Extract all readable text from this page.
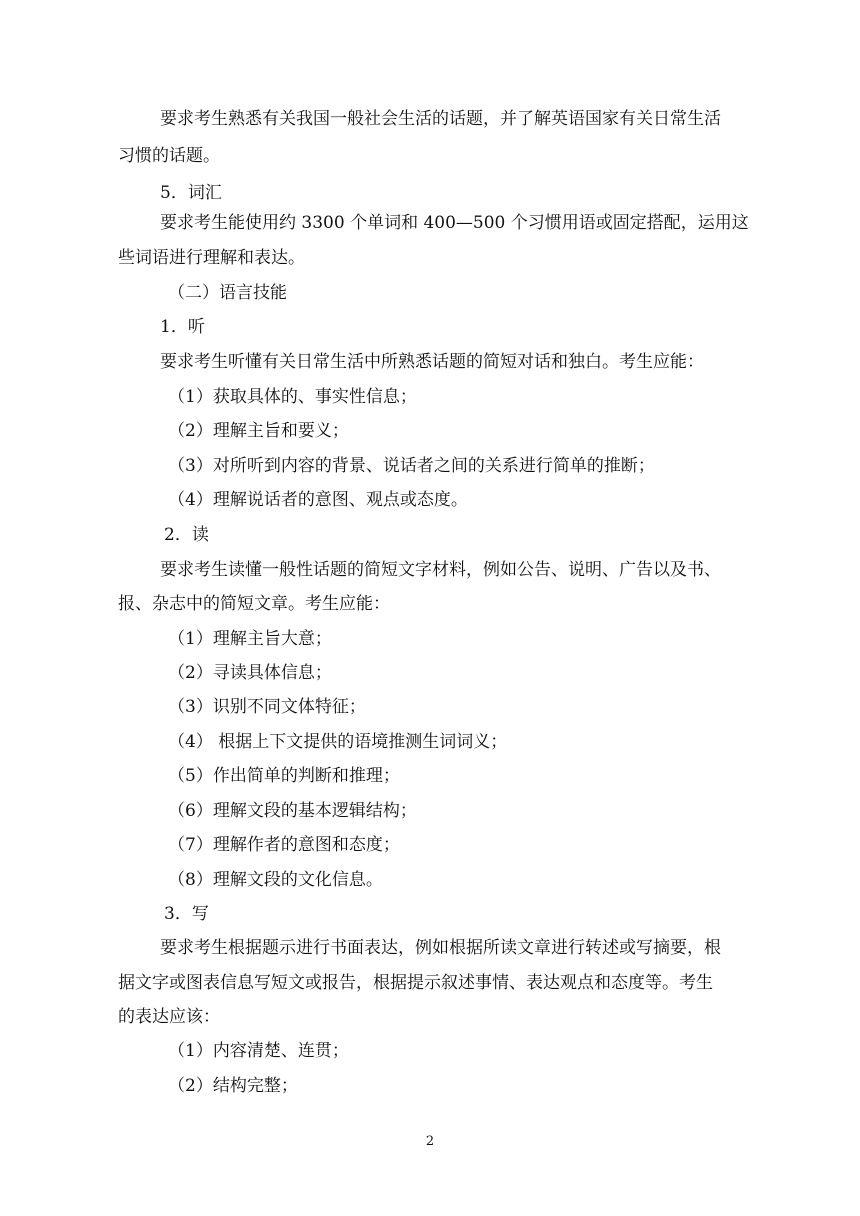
要求考生熟悉有关我国一般社会生活的话题，并了解英语国家有关日常生活
习惯的话题。
5．词汇
要求考生能使用约 3300 个单词和 400—500 个习惯用语或固定搭配，运用这
些词语进行理解和表达。
（二）语言技能
1．听
要求考生听懂有关日常生活中所熟悉话题的简短对话和独白。考生应能：
（1）获取具体的、事实性信息；
（2）理解主旨和要义；
（3）对所听到内容的背景、说话者之间的关系进行简单的推断；
（4）理解说话者的意图、观点或态度。
2．读
要求考生读懂一般性话题的简短文字材料，例如公告、说明、广告以及书、
报、杂志中的简短文章。考生应能：
（1）理解主旨大意；
（2）寻读具体信息；
（3）识别不同文体特征；
（4） 根据上下文提供的语境推测生词词义；
（5）作出简单的判断和推理；
（6）理解文段的基本逻辑结构；
（7）理解作者的意图和态度；
（8）理解文段的文化信息。
3．写
要求考生根据题示进行书面表达，例如根据所读文章进行转述或写摘要，根
据文字或图表信息写短文或报告，根据提示叙述事情、表达观点和态度等。考生
的表达应该：
（1）内容清楚、连贯；
（2）结构完整；
2
